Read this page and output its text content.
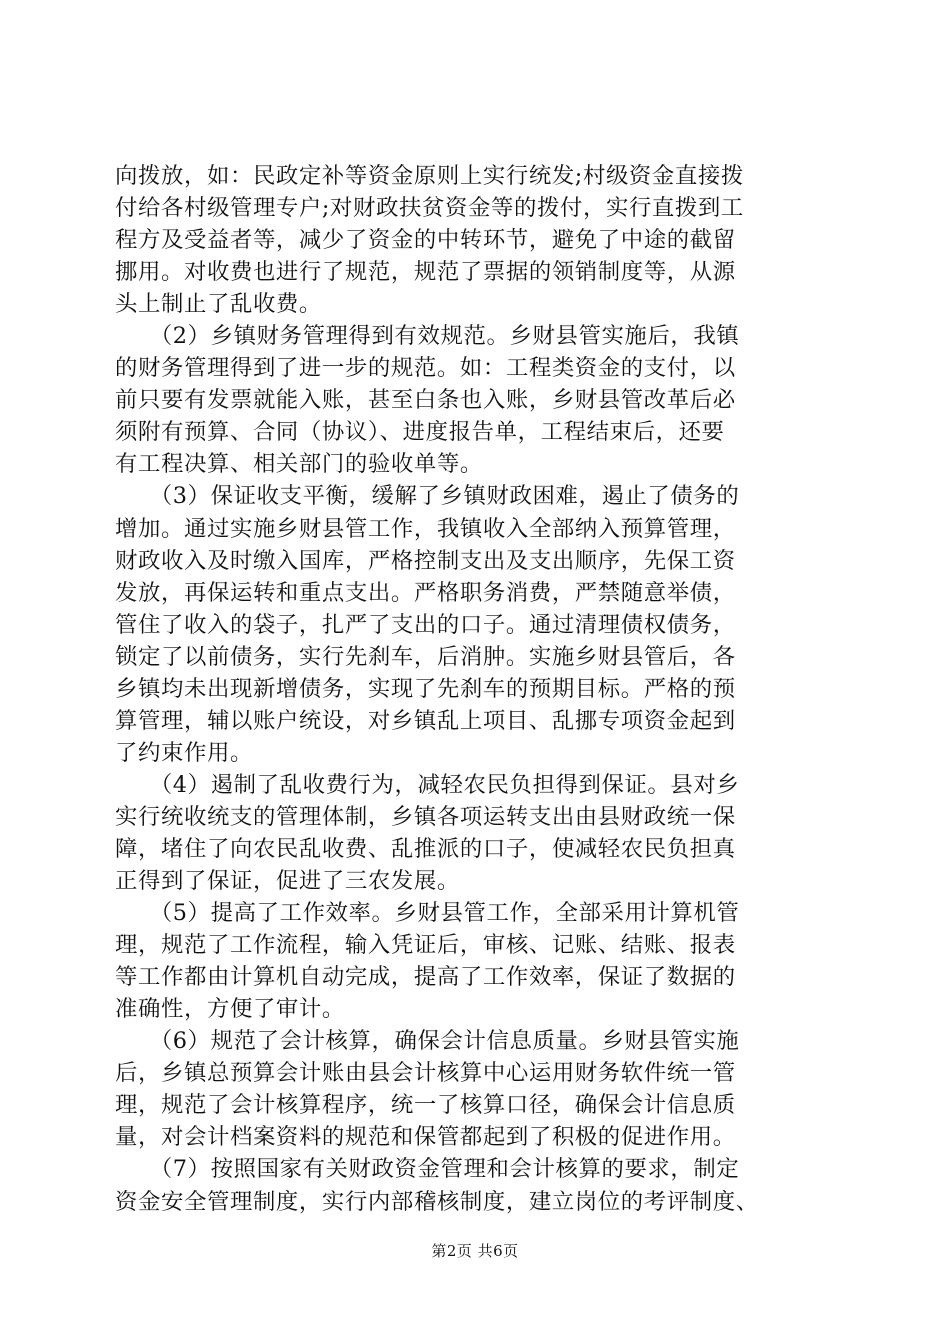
向拨放，如：民政定补等资金原则上实行统发;村级资金直接拨
付给各村级管理专户;对财政扶贫资金等的拨付，实行直拨到工
程方及受益者等，减少了资金的中转环节，避免了中途的截留
挪用。对收费也进行了规范，规范了票据的领销制度等，从源
头上制止了乱收费。
　　（2）乡镇财务管理得到有效规范。乡财县管实施后，我镇
的财务管理得到了进一步的规范。如：工程类资金的支付，以
前只要有发票就能入账，甚至白条也入账，乡财县管改革后必
须附有预算、合同（协议）、进度报告单，工程结束后，还要
有工程决算、相关部门的验收单等。
　　（3）保证收支平衡，缓解了乡镇财政困难，遏止了债务的
增加。通过实施乡财县管工作，我镇收入全部纳入预算管理，
财政收入及时缴入国库，严格控制支出及支出顺序，先保工资
发放，再保运转和重点支出。严格职务消费，严禁随意举债，
管住了收入的袋子，扎严了支出的口子。通过清理债权债务，
锁定了以前债务，实行先刹车，后消肿。实施乡财县管后，各
乡镇均未出现新增债务，实现了先刹车的预期目标。严格的预
算管理，辅以账户统设，对乡镇乱上项目、乱挪专项资金起到
了约束作用。
　　（4）遏制了乱收费行为，减轻农民负担得到保证。县对乡
实行统收统支的管理体制，乡镇各项运转支出由县财政统一保
障，堵住了向农民乱收费、乱推派的口子，使减轻农民负担真
正得到了保证，促进了三农发展。
　　（5）提高了工作效率。乡财县管工作，全部采用计算机管
理，规范了工作流程，输入凭证后，审核、记账、结账、报表
等工作都由计算机自动完成，提高了工作效率，保证了数据的
准确性，方便了审计。
　　（6）规范了会计核算，确保会计信息质量。乡财县管实施
后，乡镇总预算会计账由县会计核算中心运用财务软件统一管
理，规范了会计核算程序，统一了核算口径，确保会计信息质
量，对会计档案资料的规范和保管都起到了积极的促进作用。
　　（7）按照国家有关财政资金管理和会计核算的要求，制定
资金安全管理制度，实行内部稽核制度，建立岗位的考评制度、
第2页 共6页
